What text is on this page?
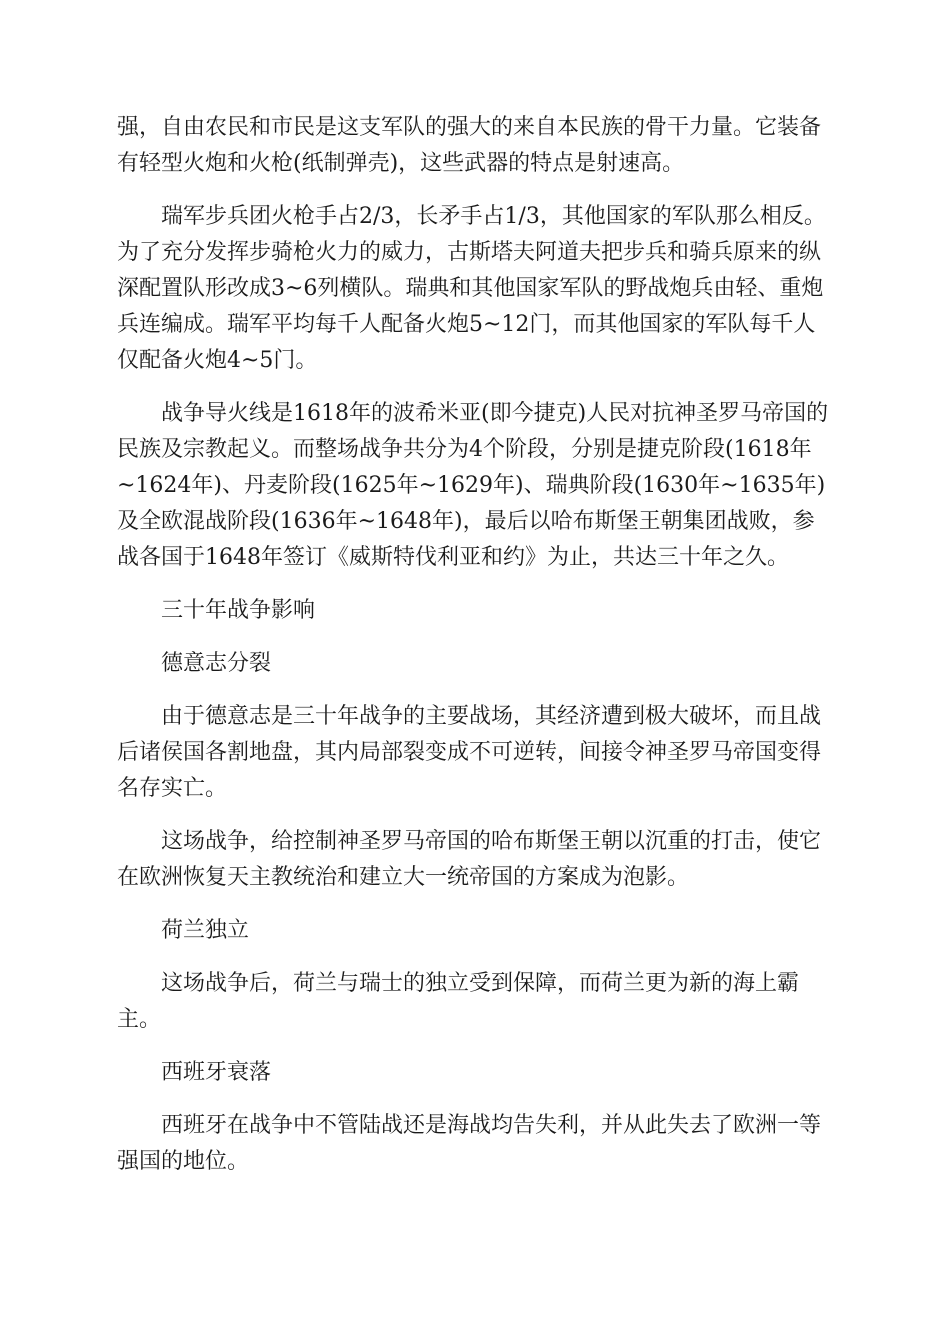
强，自由农民和市民是这支军队的强大的来自本民族的骨干力量。它装备有轻型火炮和火枪(纸制弹壳)，这些武器的特点是射速高。

瑞军步兵团火枪手占2/3，长矛手占1/3，其他国家的军队那么相反。为了充分发挥步骑枪火力的威力，古斯塔夫阿道夫把步兵和骑兵原来的纵深配置队形改成3~6列横队。瑞典和其他国家军队的野战炮兵由轻、重炮兵连编成。瑞军平均每千人配备火炮5~12门，而其他国家的军队每千人仅配备火炮4~5门。

战争导火线是1618年的波希米亚(即今捷克)人民对抗神圣罗马帝国的民族及宗教起义。而整场战争共分为4个阶段，分别是捷克阶段(1618年~1624年)、丹麦阶段(1625年~1629年)、瑞典阶段(1630年~1635年)及全欧混战阶段(1636年~1648年)，最后以哈布斯堡王朝集团战败，参战各国于1648年签订《威斯特伐利亚和约》为止，共达三十年之久。

三十年战争影响

德意志分裂

由于德意志是三十年战争的主要战场，其经济遭到极大破坏，而且战后诸侯国各割地盘，其内局部裂变成不可逆转，间接令神圣罗马帝国变得名存实亡。

这场战争，给控制神圣罗马帝国的哈布斯堡王朝以沉重的打击，使它在欧洲恢复天主教统治和建立大一统帝国的方案成为泡影。

荷兰独立

这场战争后，荷兰与瑞士的独立受到保障，而荷兰更为新的海上霸主。

西班牙衰落

西班牙在战争中不管陆战还是海战均告失利，并从此失去了欧洲一等强国的地位。
